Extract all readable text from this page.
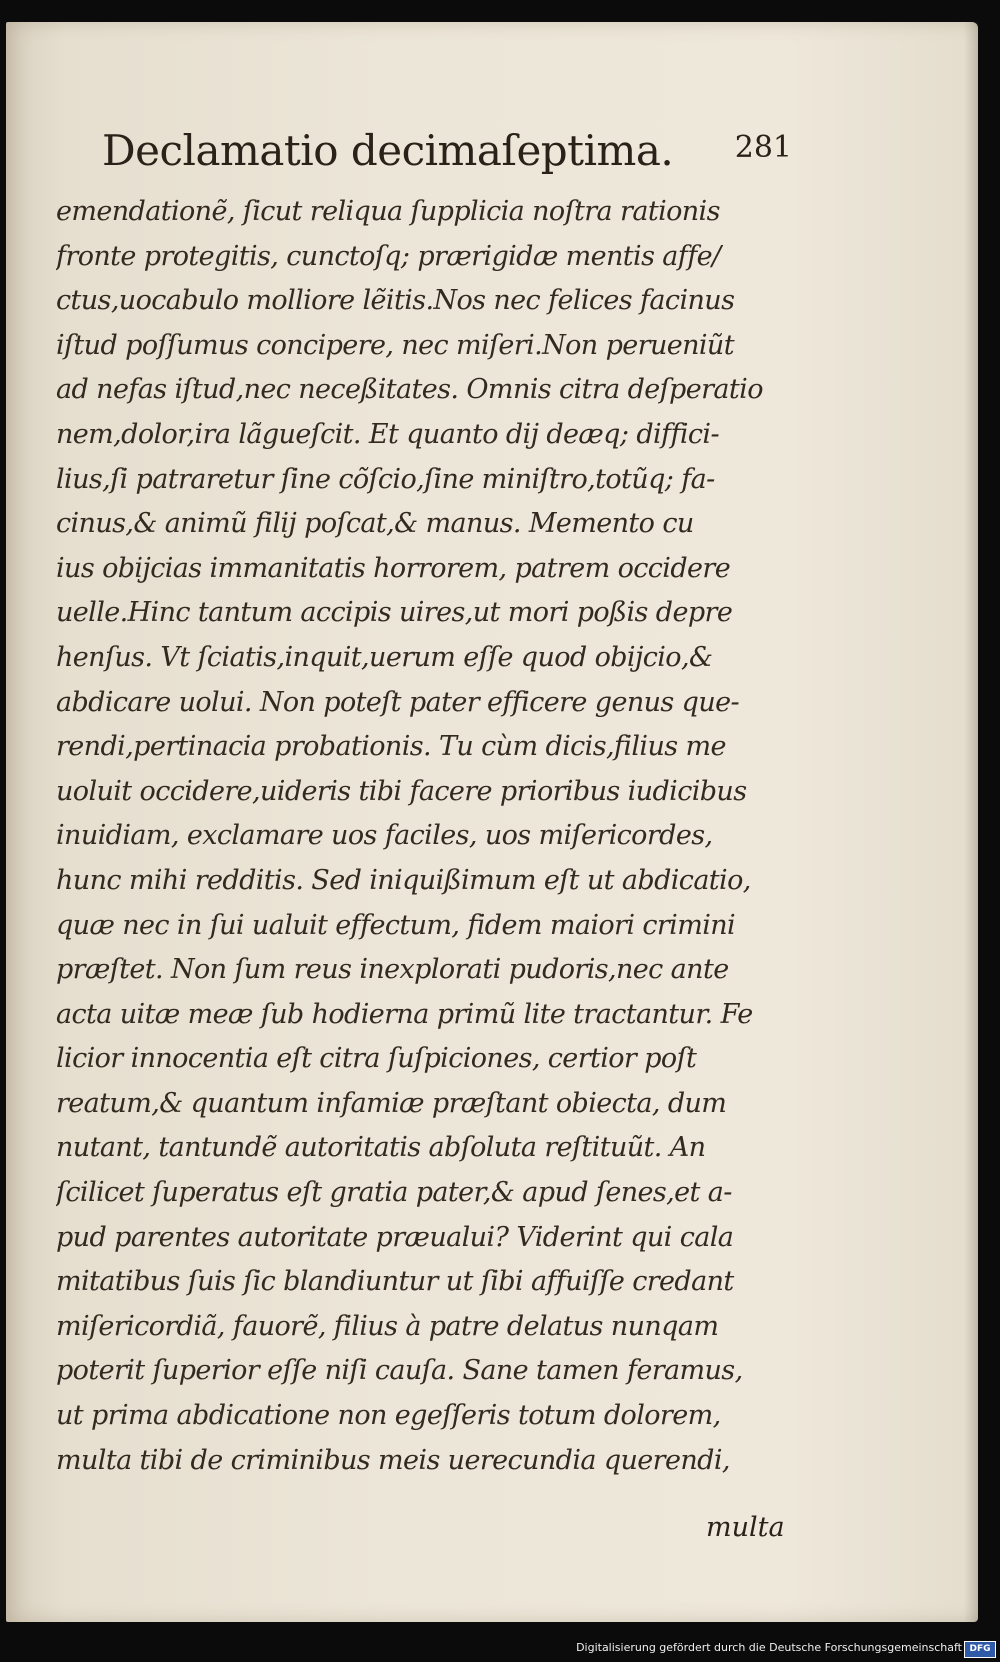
Declamatio decimaſeptima. 281
emendationẽ, ſicut reliqua ſupplicia noſtra rationis
fronte protegitis, cunctoſq; prærigidæ mentis affe/
ctus,uocabulo molliore lẽitis.Nos nec felices facinus
iſtud poſſumus concipere, nec miſeri.Non perueniũt
ad nefas iſtud,nec neceßitates. Omnis citra deſperatio
nem,dolor,ira lãgueſcit. Et quanto dij deæq; diffici-
lius,ſi patraretur ſine cõſcio,ſine miniſtro,totũq; fa-
cinus,& animũ filij poſcat,& manus. Memento cu
ius obijcias immanitatis horrorem, patrem occidere
uelle.Hinc tantum accipis uires,ut mori poßis depre
henſus. Vt ſciatis,inquit,uerum eſſe quod obijcio,&
abdicare uolui. Non poteſt pater efficere genus que-
rendi,pertinacia probationis. Tu cùm dicis,filius me
uoluit occidere,uideris tibi facere prioribus iudicibus
inuidiam, exclamare uos faciles, uos miſericordes,
hunc mihi redditis. Sed iniquißimum eſt ut abdicatio,
quæ nec in ſui ualuit effectum, fidem maiori crimini
præſtet. Non ſum reus inexplorati pudoris,nec ante
acta uitæ meæ ſub hodierna primũ lite tractantur. Fe
licior innocentia eſt citra ſuſpiciones, certior poſt
reatum,& quantum infamiæ præſtant obiecta, dum
nutant, tantundẽ autoritatis abſoluta reſtituũt. An
ſcilicet ſuperatus eſt gratia pater,& apud ſenes,et a-
pud parentes autoritate præualui? Viderint qui cala
mitatibus ſuis ſic blandiuntur ut ſibi affuiſſe credant
miſericordiã, fauorẽ, filius à patre delatus nunqam
poterit ſuperior eſſe niſi cauſa. Sane tamen feramus,
ut prima abdicatione non egeſſeris totum dolorem,
multa tibi de criminibus meis uerecundia querendi,
multa
Digitalisierung gefördert durch die Deutsche Forschungsgemeinschaft DFG
